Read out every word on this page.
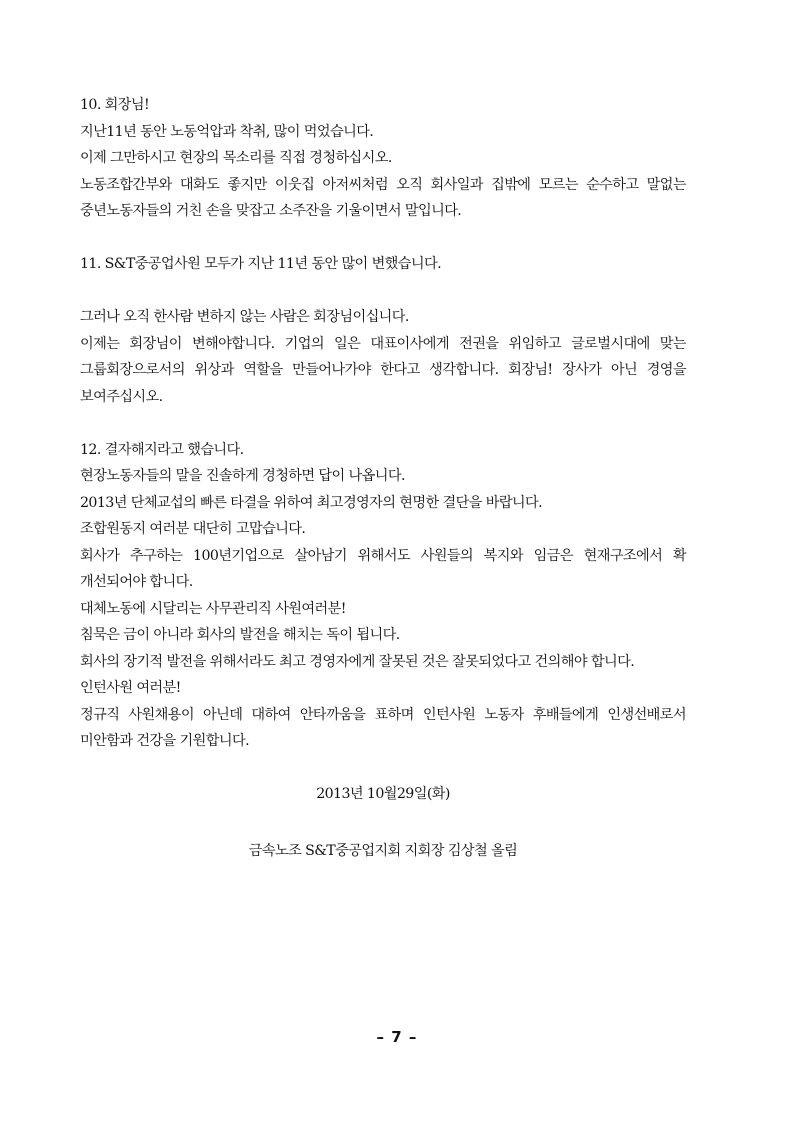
10. 회장님!

지난11년 동안 노동억압과 착취, 많이 먹었습니다.

이제 그만하시고 현장의 목소리를 직접 경청하십시오.

노동조합간부와 대화도 좋지만 이웃집 아저씨처럼 오직 회사일과 집밖에 모르는 순수하고 말없는 중년노동자들의 거친 손을 맞잡고 소주잔을 기울이면서 말입니다.

11. S&T중공업사원 모두가 지난 11년 동안 많이 변했습니다.

그러나 오직 한사람 변하지 않는 사람은 회장님이십니다.

이제는 회장님이 변해야합니다. 기업의 일은 대표이사에게 전권을 위임하고 글로벌시대에 맞는 그룹회장으로서의 위상과 역할을 만들어나가야 한다고 생각합니다. 회장님! 장사가 아닌 경영을 보여주십시오.

12. 결자해지라고 했습니다.

현장노동자들의 말을 진솔하게 경청하면 답이 나옵니다.

2013년 단체교섭의 빠른 타결을 위하여 최고경영자의 현명한 결단을 바랍니다.

조합원동지 여러분 대단히 고맙습니다.

회사가 추구하는 100년기업으로 살아남기 위해서도 사원들의 복지와 임금은 현재구조에서 확 개선되어야 합니다.

대체노동에 시달리는 사무관리직 사원여러분!

침묵은 금이 아니라 회사의 발전을 해치는 독이 됩니다.

회사의 장기적 발전을 위해서라도 최고 경영자에게 잘못된 것은 잘못되었다고 건의해야 합니다.

인턴사원 여러분!

정규직 사원채용이 아닌데 대하여 안타까움을 표하며 인턴사원 노동자 후배들에게 인생선배로서 미안함과 건강을 기원합니다.

2013년 10월29일(화)

금속노조 S&T중공업지회 지회장 김상철 올림

– 7 –
